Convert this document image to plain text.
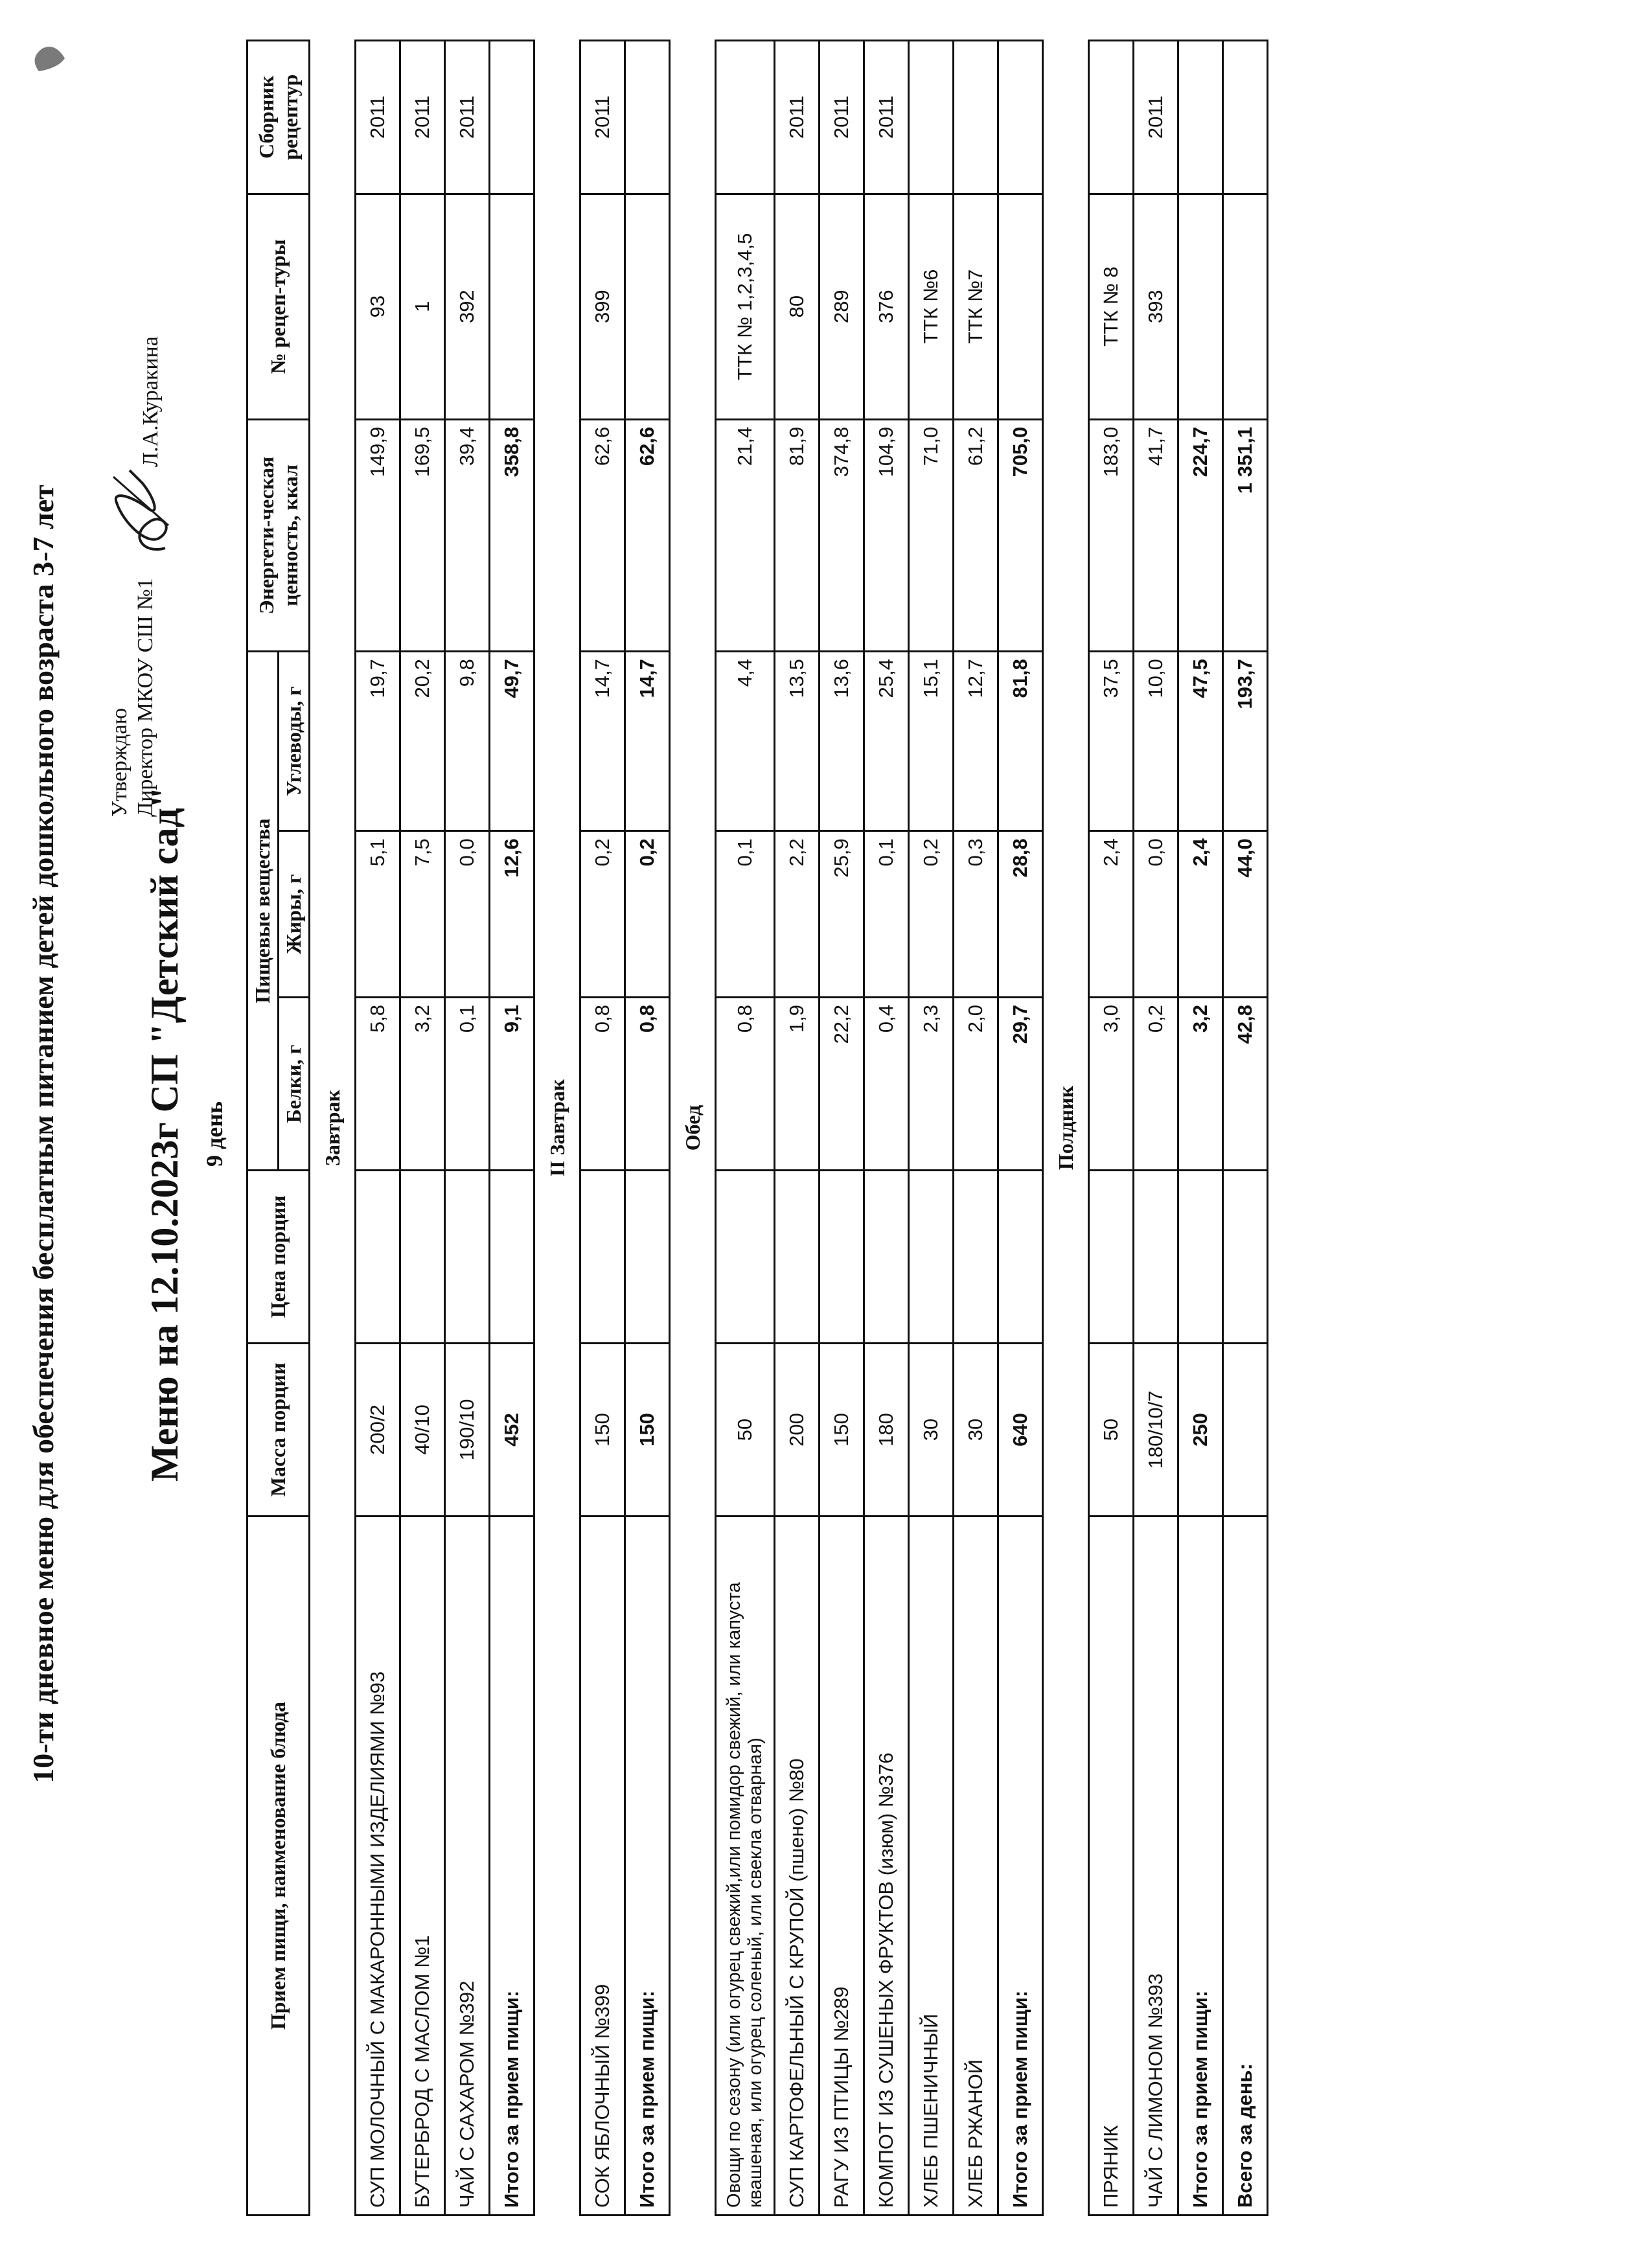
10-ти дневное меню для обеспечения бесплатным питанием детей дошкольного возраста 3-7 лет Меню на 12.10.2023г СП "Детский сад" 9 день
Утверждаю Директор МКОУ СШ №1
Л.А.Куракина
Прием пищи, наименование блюда	Масса порции	Цена порции	Пищевые вещества			Энергети-ческая ценность, ккал	№ рецеп-туры	Сборник рецептур
			Белки, г	Жиры, г	Углеводы, г			
Завтрак								
СУП МОЛОЧНЫЙ С МАКАРОННЫМИ ИЗДЕЛИЯМИ №93	200/2		5,8	5,1	19,7	149,9	93	2011
БУТЕРБРОД С МАСЛОМ №1	40/10		3,2	7,5	20,2	169,5	1	2011
ЧАЙ С САХАРОМ №392	190/10		0,1	0,0	9,8	39,4	392	2011
Итого за прием пищи:	452		9,1	12,6	49,7	358,8		
II Завтрак								
СОК ЯБЛОЧНЫЙ №399	150		0,8	0,2	14,7	62,6	399	2011
Итого за прием пищи:	150		0,8	0,2	14,7	62,6		
Обед								
Овощи по сезону (или огурец свежий,или помидор свежий, или капуста квашеная, или огурец соленый, или свекла отварная)	50		0,8	0,1	4,4	21,4	ТТК № 1,2,3,4,5	
СУП КАРТОФЕЛЬНЫЙ С КРУПОЙ (пшено) №80	200		1,9	2,2	13,5	81,9	80	2011
РАГУ ИЗ ПТИЦЫ №289	150		22,2	25,9	13,6	374,8	289	2011
КОМПОТ ИЗ СУШЕНЫХ ФРУКТОВ (изюм) №376	180		0,4	0,1	25,4	104,9	376	2011
ХЛЕБ ПШЕНИЧНЫЙ	30		2,3	0,2	15,1	71,0	ТТК №6	
ХЛЕБ РЖАНОЙ	30		2,0	0,3	12,7	61,2	ТТК №7	
Итого за прием пищи:	640		29,7	28,8	81,8	705,0		
Полдник								
ПРЯНИК	50		3,0	2,4	37,5	183,0	ТТК № 8	
ЧАЙ С ЛИМОНОМ №393	180/10/7		0,2	0,0	10,0	41,7	393	2011
Итого за прием пищи:	250		3,2	2,4	47,5	224,7		
Всего за день:			42,8	44,0	193,7	1 351,1		
